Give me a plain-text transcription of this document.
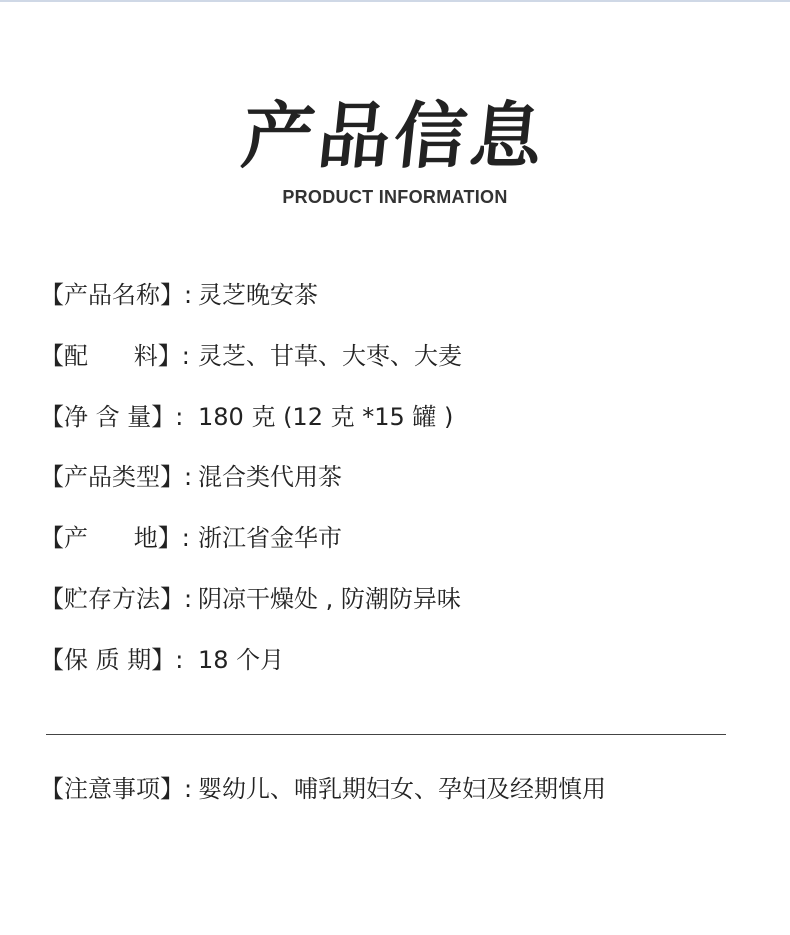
产品信息
PRODUCT INFORMATION
【产品名称】: 灵芝晚安茶
【配      料】: 灵芝、甘草、大枣、大麦
【净 含 量】: 180 克 (12 克 *15 罐 )
【产品类型】: 混合类代用茶
【产      地】: 浙江省金华市
【贮存方法】: 阴凉干燥处 , 防潮防异味
【保 质 期】: 18 个月
【注意事项】: 婴幼儿、哺乳期妇女、孕妇及经期慎用
